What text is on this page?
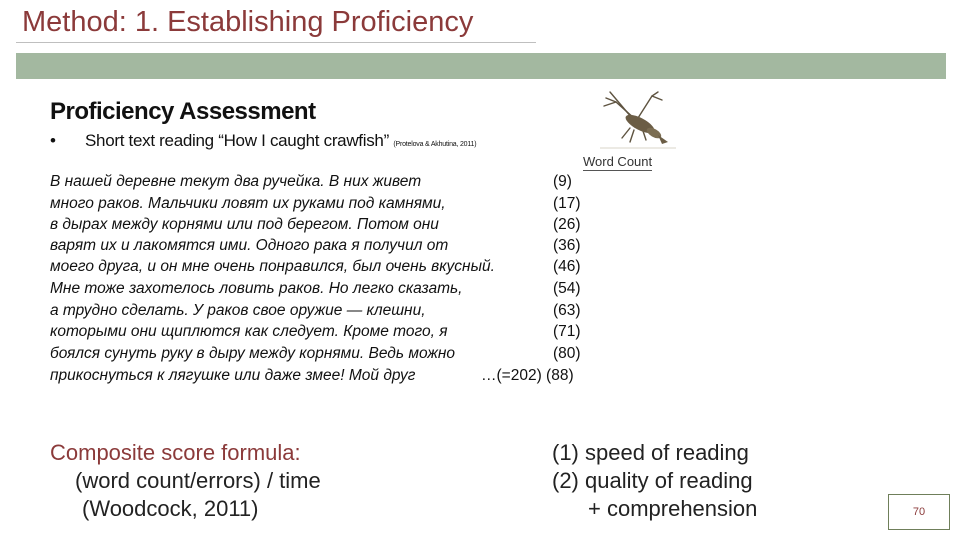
Method: 1. Establishing Proficiency
Proficiency Assessment
• Short text reading “How I caught crawfish” (Protelova & Akhutina, 2011)
Word Count
В нашей деревне текут два ручейка. В них живет	(9)
много раков. Мальчики ловят их руками под камнями,	(17)
в дырах между корнями или под берегом. Потом они	(26)
варят их и лакомятся ими. Одного рака я получил от	(36)
моего друга, и он мне очень понравился, был очень вкусный.	(46)
Мне тоже захотелось ловить раков. Но легко сказать,	(54)
а трудно сделать. У раков свое оружие — клешни,	(63)
которыми они щиплются как следует. Кроме того, я	(71)
боялся сунуть руку в дыру между корнями. Ведь можно	(80)
прикоснуться к лягушке или даже змее! Мой друг	…(=202) (88)
Composite score formula:
(word count/errors) / time
(Woodcock, 2011)
(1) speed of reading
(2) quality of reading
+ comprehension	70
